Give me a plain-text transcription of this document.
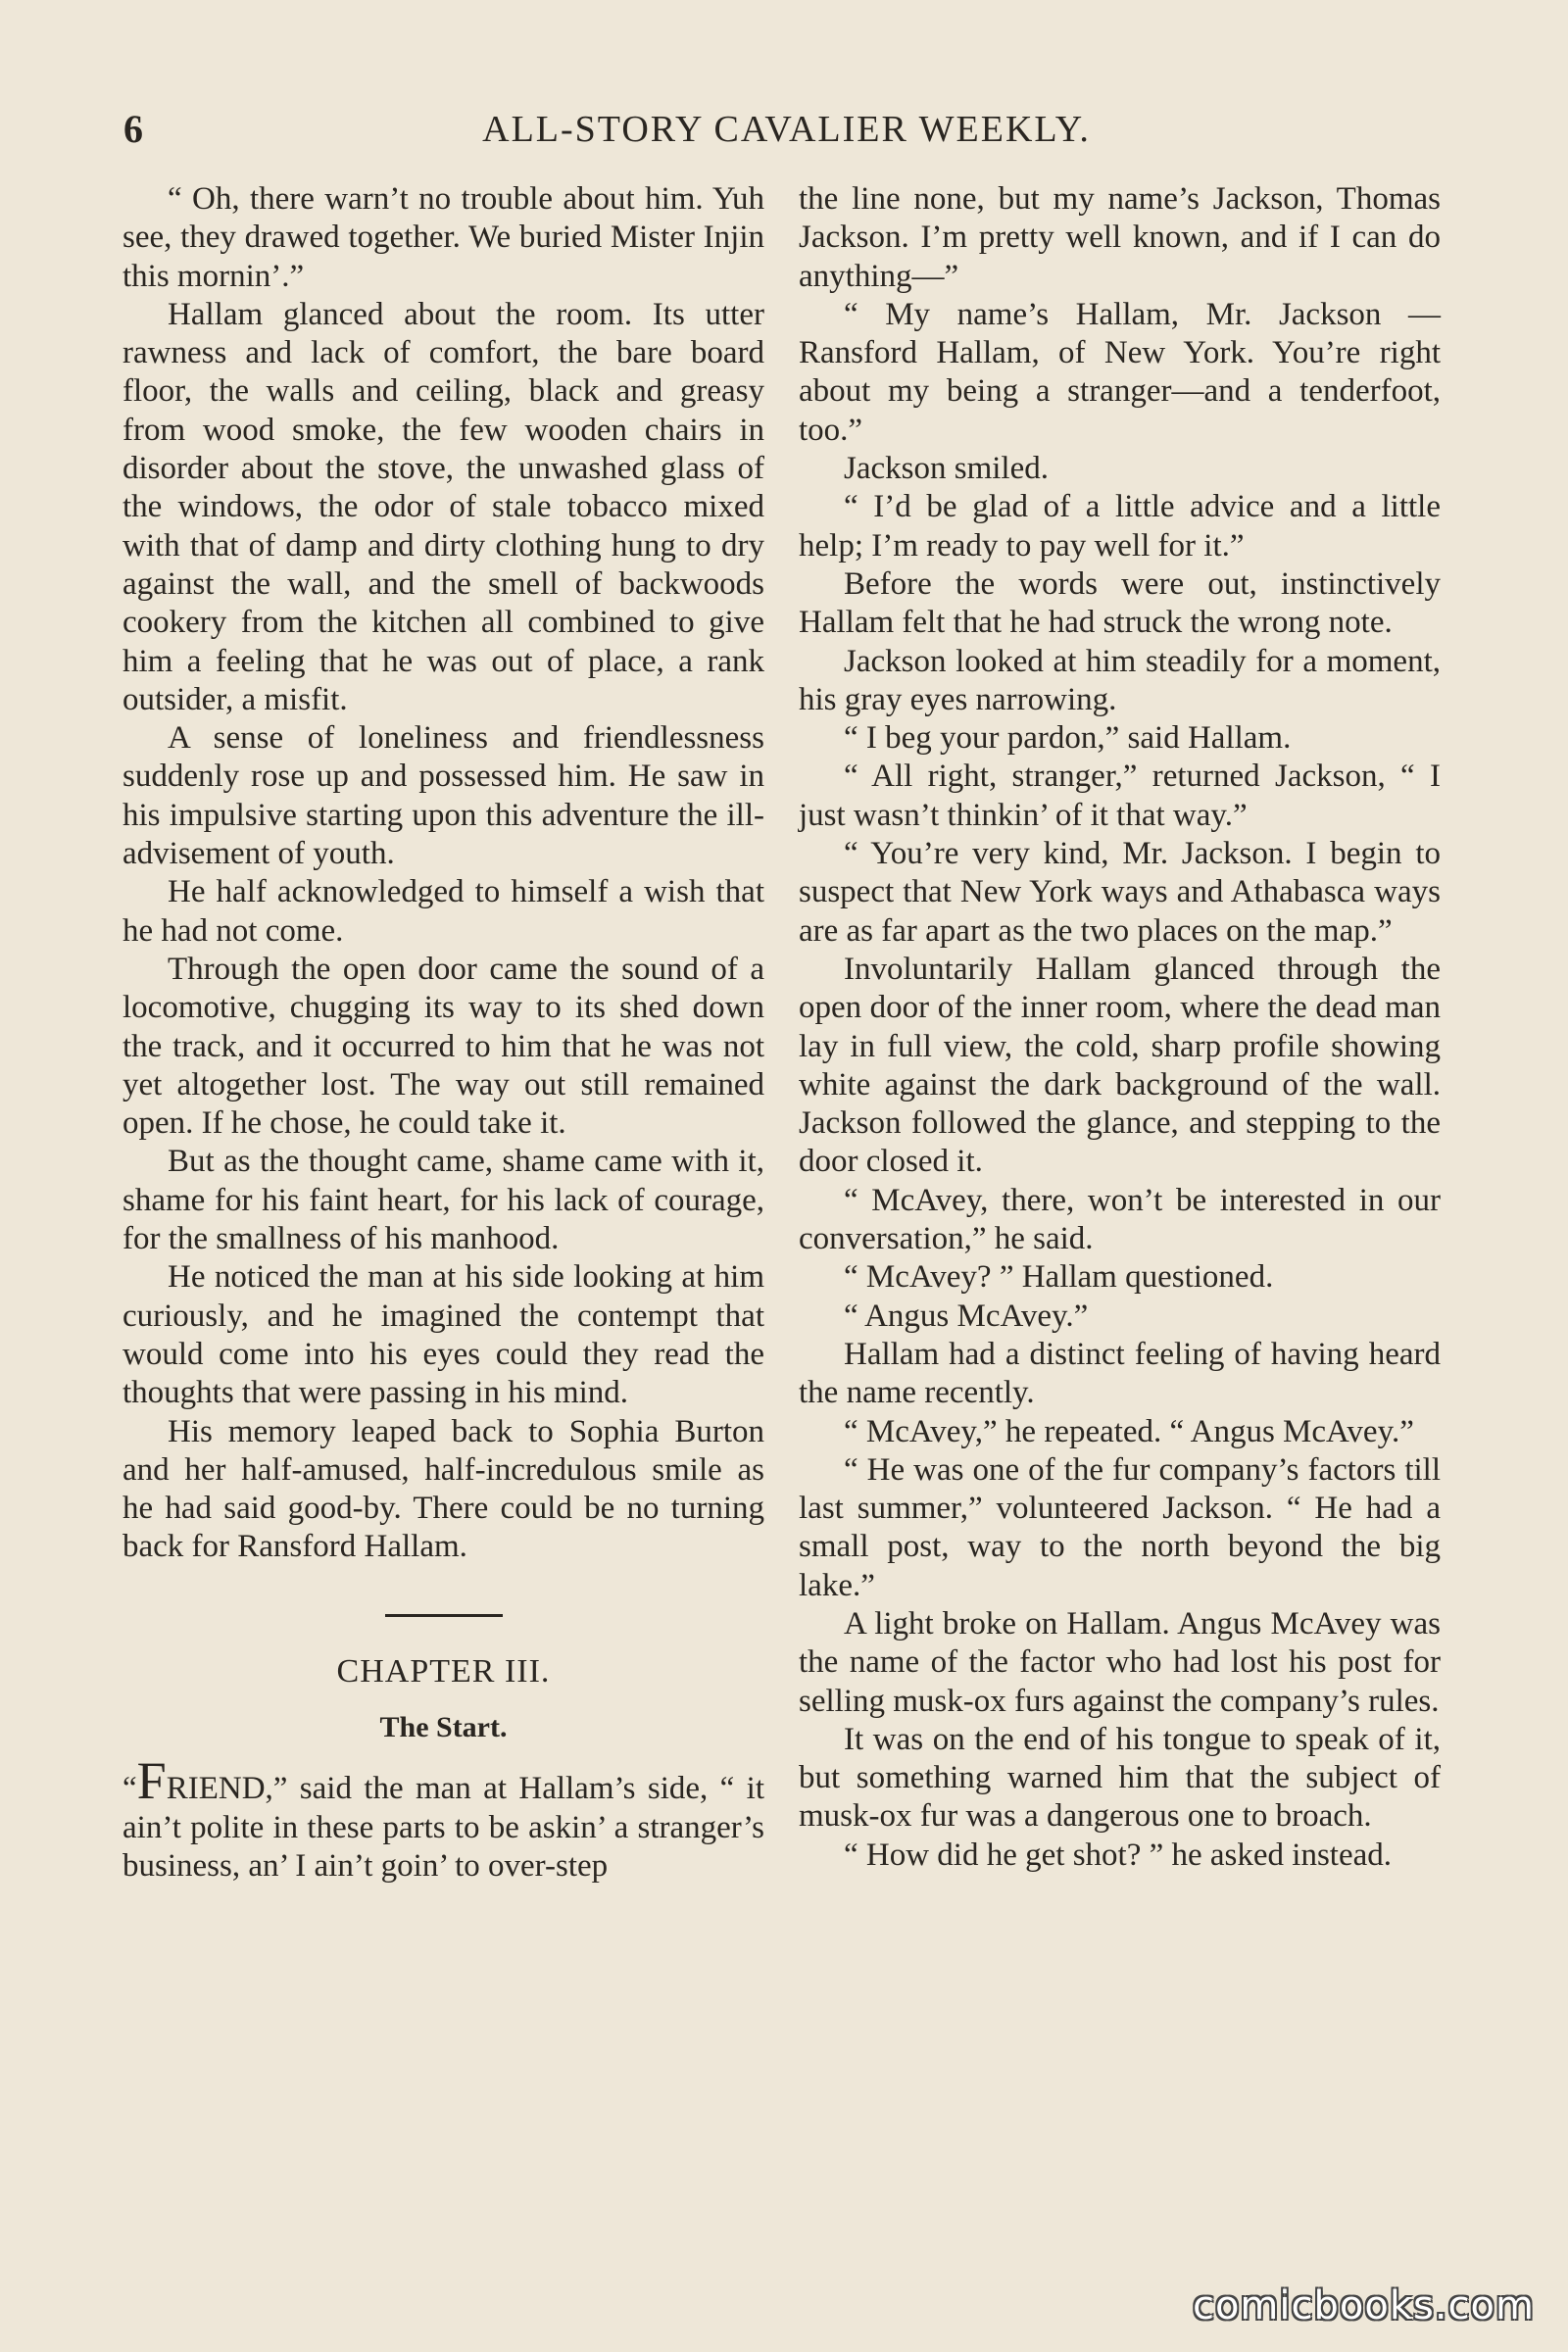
6	ALL-STORY CAVALIER WEEKLY.

“ Oh, there warn’t no trouble about him. Yuh see, they drawed together. We buried Mister Injin this mornin’.”

Hallam glanced about the room. Its utter rawness and lack of comfort, the bare board floor, the walls and ceiling, black and greasy from wood smoke, the few wooden chairs in disorder about the stove, the unwashed glass of the windows, the odor of stale tobacco mixed with that of damp and dirty clothing hung to dry against the wall, and the smell of backwoods cookery from the kitchen all combined to give him a feeling that he was out of place, a rank outsider, a misfit.

A sense of loneliness and friendlessness suddenly rose up and possessed him. He saw in his impulsive starting upon this adventure the ill-advisement of youth.

He half acknowledged to himself a wish that he had not come.

Through the open door came the sound of a locomotive, chugging its way to its shed down the track, and it occurred to him that he was not yet altogether lost. The way out still remained open. If he chose, he could take it.

But as the thought came, shame came with it, shame for his faint heart, for his lack of courage, for the smallness of his manhood.

He noticed the man at his side looking at him curiously, and he imagined the contempt that would come into his eyes could they read the thoughts that were passing in his mind.

His memory leaped back to Sophia Burton and her half-amused, half-incredulous smile as he had said good-by. There could be no turning back for Ransford Hallam.

CHAPTER III.
The Start.

“FRIEND,” said the man at Hallam’s side, “ it ain’t polite in these parts to be askin’ a stranger’s business, an’ I ain’t goin’ to over-step

the line none, but my name’s Jackson, Thomas Jackson. I’m pretty well known, and if I can do anything—”

“ My name’s Hallam, Mr. Jackson —Ransford Hallam, of New York. You’re right about my being a stranger—and a tenderfoot, too.”

Jackson smiled.

“ I’d be glad of a little advice and a little help; I’m ready to pay well for it.”

Before the words were out, instinctively Hallam felt that he had struck the wrong note.

Jackson looked at him steadily for a moment, his gray eyes narrowing.

“ I beg your pardon,” said Hallam.

“ All right, stranger,” returned Jackson, “ I just wasn’t thinkin’ of it that way.”

“ You’re very kind, Mr. Jackson. I begin to suspect that New York ways and Athabasca ways are as far apart as the two places on the map.”

Involuntarily Hallam glanced through the open door of the inner room, where the dead man lay in full view, the cold, sharp profile showing white against the dark background of the wall. Jackson followed the glance, and stepping to the door closed it.

“ McAvey, there, won’t be interested in our conversation,” he said.

“ McAvey? ” Hallam questioned.

“ Angus McAvey.”

Hallam had a distinct feeling of having heard the name recently.

“ McAvey,” he repeated. “ Angus McAvey.”

“ He was one of the fur company’s factors till last summer,” volunteered Jackson. “ He had a small post, way to the north beyond the big lake.”

A light broke on Hallam. Angus McAvey was the name of the factor who had lost his post for selling musk-ox furs against the company’s rules.

It was on the end of his tongue to speak of it, but something warned him that the subject of musk-ox fur was a dangerous one to broach.

“ How did he get shot? ” he asked instead.

comicbooks.com
